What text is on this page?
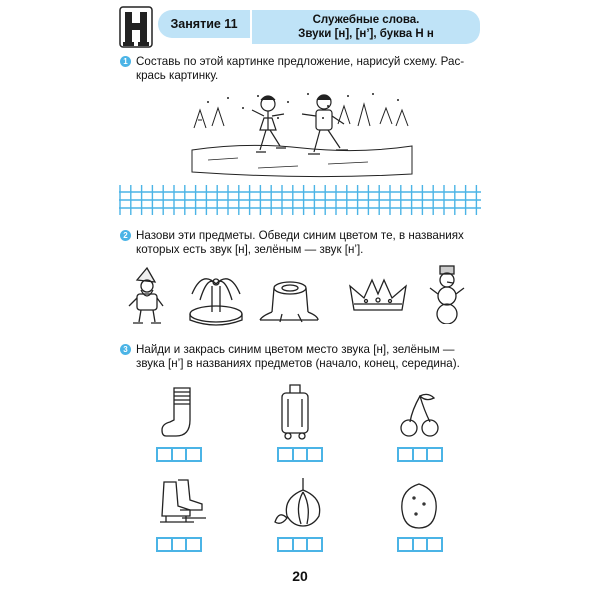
Занятие 11	Служебные слова.
Звуки [н], [н’], буква Н н
1 Составь по этой картинке предложение, нарисуй схему. Рас-крась картинку.
2 Назови эти предметы. Обведи синим цветом те, в названиях которых есть звук [н], зелёным — звук [н’].
3 Найди и закрась синим цветом место звука [н], зелёным — звука [н’] в названиях предметов (начало, конец, середина).
20
